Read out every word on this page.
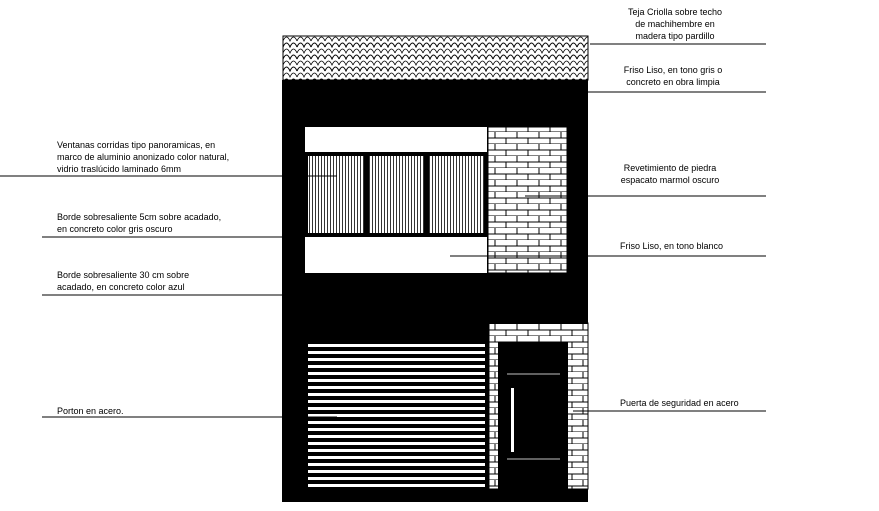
Ventanas corridas tipo panoramicas, en
marco de aluminio anonizado color natural,
vidrio traslúcido laminado 6mm
Borde sobresaliente 5cm sobre acadado,
en concreto color gris oscuro
Borde sobresaliente 30 cm sobre
acadado, en concreto color azul
Porton en acero.
Teja Criolla sobre techo
de machihembre en
madera tipo pardillo
Friso Liso, en tono gris o
concreto en obra limpia
Revetimiento de piedra
espacato marmol oscuro
Friso Liso, en tono blanco
Puerta de seguridad en acero
